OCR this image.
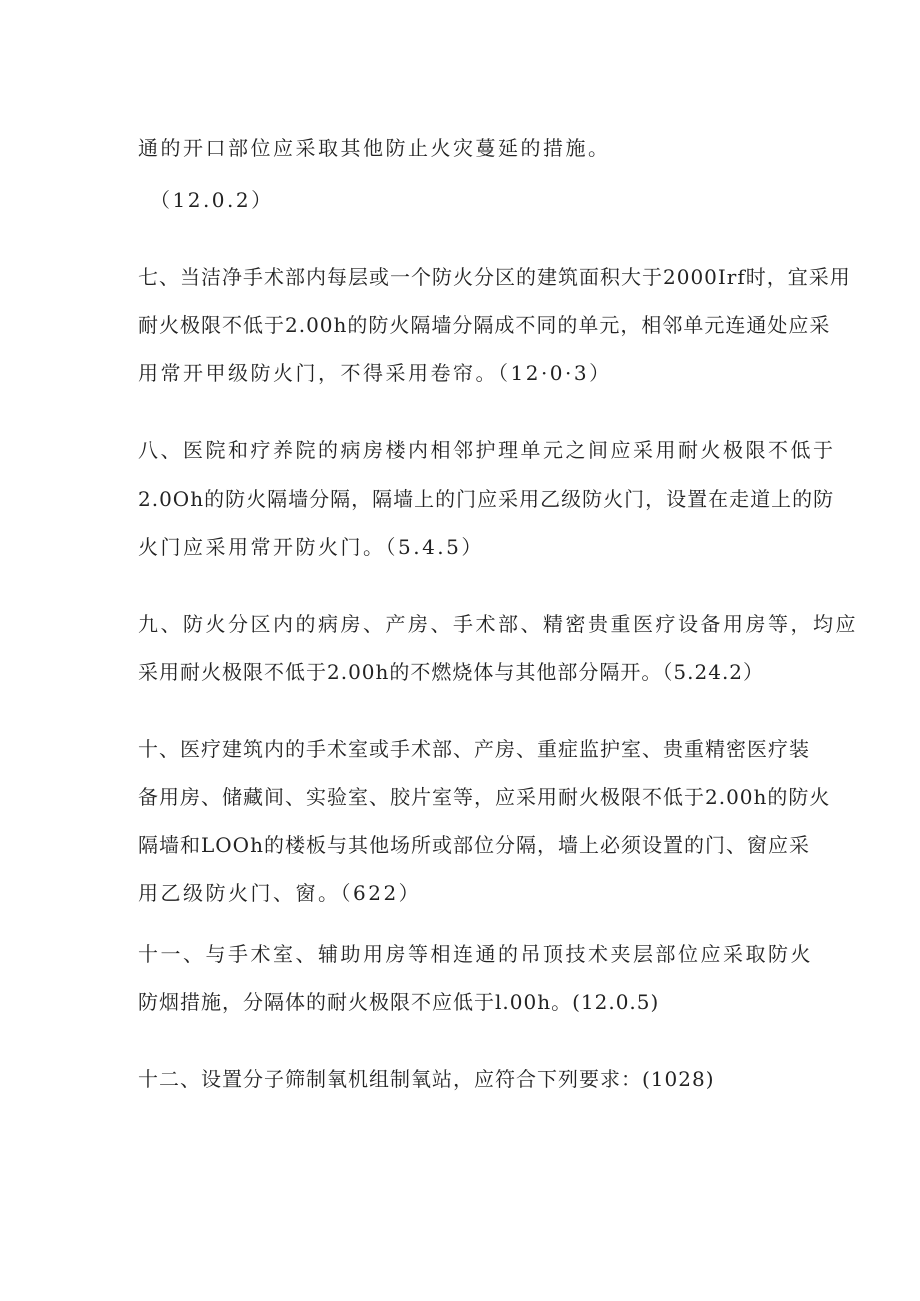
通的开口部位应采取其他防止火灾蔓延的措施。
（12.0.2）
七、当洁净手术部内每层或一个防火分区的建筑面积大于2000Irf时，宜采用
耐火极限不低于2.00h的防火隔墙分隔成不同的单元，相邻单元连通处应采
用常开甲级防火门，不得采用卷帘。（12·0·3）
八、医院和疗养院的病房楼内相邻护理单元之间应采用耐火极限不低于
2.0Oh的防火隔墙分隔，隔墙上的门应采用乙级防火门，设置在走道上的防
火门应采用常开防火门。（5.4.5）
九、防火分区内的病房、产房、手术部、精密贵重医疗设备用房等，均应
采用耐火极限不低于2.00h的不燃烧体与其他部分隔开。（5.24.2）
十、医疗建筑内的手术室或手术部、产房、重症监护室、贵重精密医疗装
备用房、储藏间、实验室、胶片室等，应采用耐火极限不低于2.00h的防火
隔墙和LOOh的楼板与其他场所或部位分隔，墙上必须设置的门、窗应采
用乙级防火门、窗。（622）
十一、与手术室、辅助用房等相连通的吊顶技术夹层部位应采取防火
防烟措施，分隔体的耐火极限不应低于l.00h。(12.0.5)
十二、设置分子筛制氧机组制氧站，应符合下列要求：(1028)
